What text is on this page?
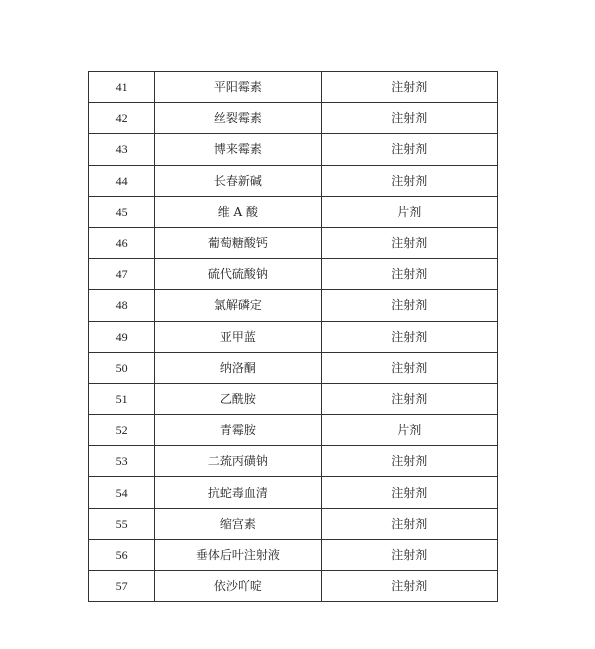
41	平阳霉素	注射剂
42	丝裂霉素	注射剂
43	博来霉素	注射剂
44	长春新碱	注射剂
45	维 A 酸	片剂
46	葡萄糖酸钙	注射剂
47	硫代硫酸钠	注射剂
48	氯解磷定	注射剂
49	亚甲蓝	注射剂
50	纳洛酮	注射剂
51	乙酰胺	注射剂
52	青霉胺	片剂
53	二巯丙磺钠	注射剂
54	抗蛇毒血清	注射剂
55	缩宫素	注射剂
56	垂体后叶注射液	注射剂
57	依沙吖啶	注射剂
